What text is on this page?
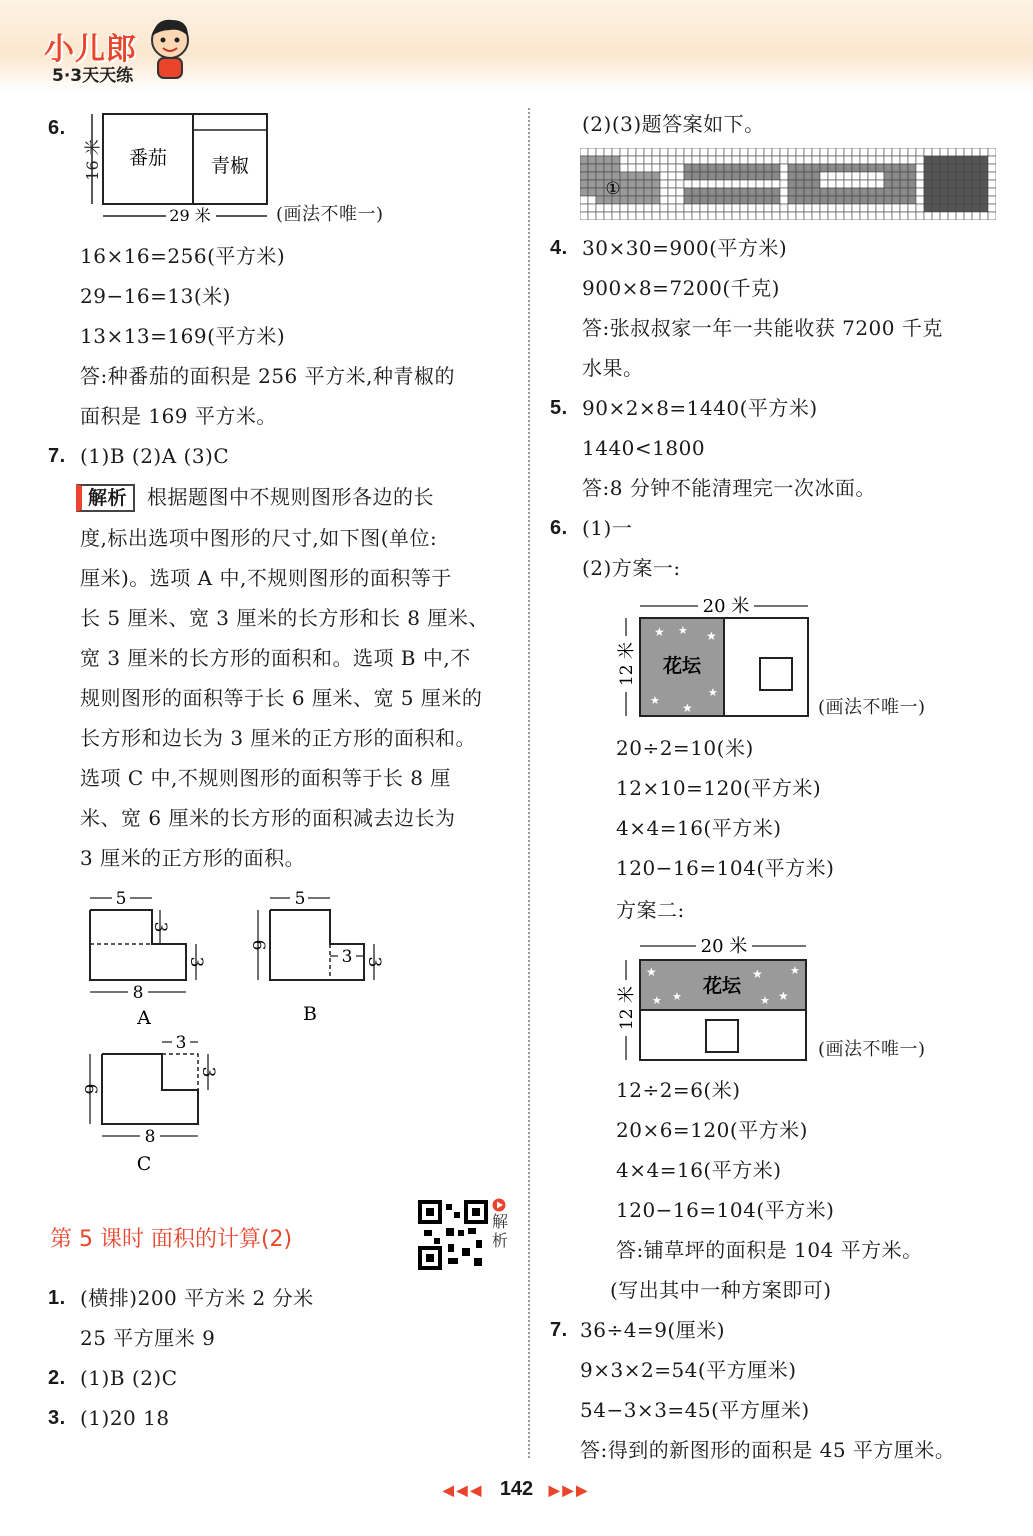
小儿郎
5·3天天练
6.
番茄 青椒
16 米
29 米	(画法不唯一)
16×16=256(平方米)
29−16=13(米)
13×13=169(平方米)
答:种番茄的面积是 256 平方米,种青椒的
面积是 169 平方米。
7. (1)B (2)A (3)C
解析 根据题图中不规则图形各边的长
度,标出选项中图形的尺寸,如下图(单位:
厘米)。选项 A 中,不规则图形的面积等于
长 5 厘米、宽 3 厘米的长方形和长 8 厘米、
宽 3 厘米的长方形的面积和。选项 B 中,不
规则图形的面积等于长 6 厘米、宽 5 厘米的
长方形和边长为 3 厘米的正方形的面积和。
选项 C 中,不规则图形的面积等于长 8 厘
米、宽 6 厘米的长方形的面积减去边长为
3 厘米的正方形的面积。
5
3
3
8
A
5
6
3 3
B
3
6
3
8
C
第 5 课时 面积的计算(2)
解析
1. (横排)200 平方米 2 分米
25 平方厘米 9
2. (1)B (2)C
3. (1)20 18
(2)(3)题答案如下。
①
4. 30×30=900(平方米)
900×8=7200(千克)
答:张叔叔家一年一共能收获 7200 千克
水果。
5. 90×2×8=1440(平方米)
1440<1800
答:8 分钟不能清理完一次冰面。
6. (1)一
(2)方案一:
20 米
12 米
★ ★ ★
★
★
★
花坛
(画法不唯一)
20÷2=10(米)
12×10=120(平方米)
4×4=16(平方米)
120−16=104(平方米)
方案二:
20 米
12 米
★
★
★
★
★
★	★
花坛
(画法不唯一)
12÷2=6(米)
20×6=120(平方米)
4×4=16(平方米)
120−16=104(平方米)
答:铺草坪的面积是 104 平方米。
(写出其中一种方案即可)
7. 36÷4=9(厘米)
9×3×2=54(平方厘米)
54−3×3=45(平方厘米)
答:得到的新图形的面积是 45 平方厘米。
◀◀◀ 142 ▶▶▶
